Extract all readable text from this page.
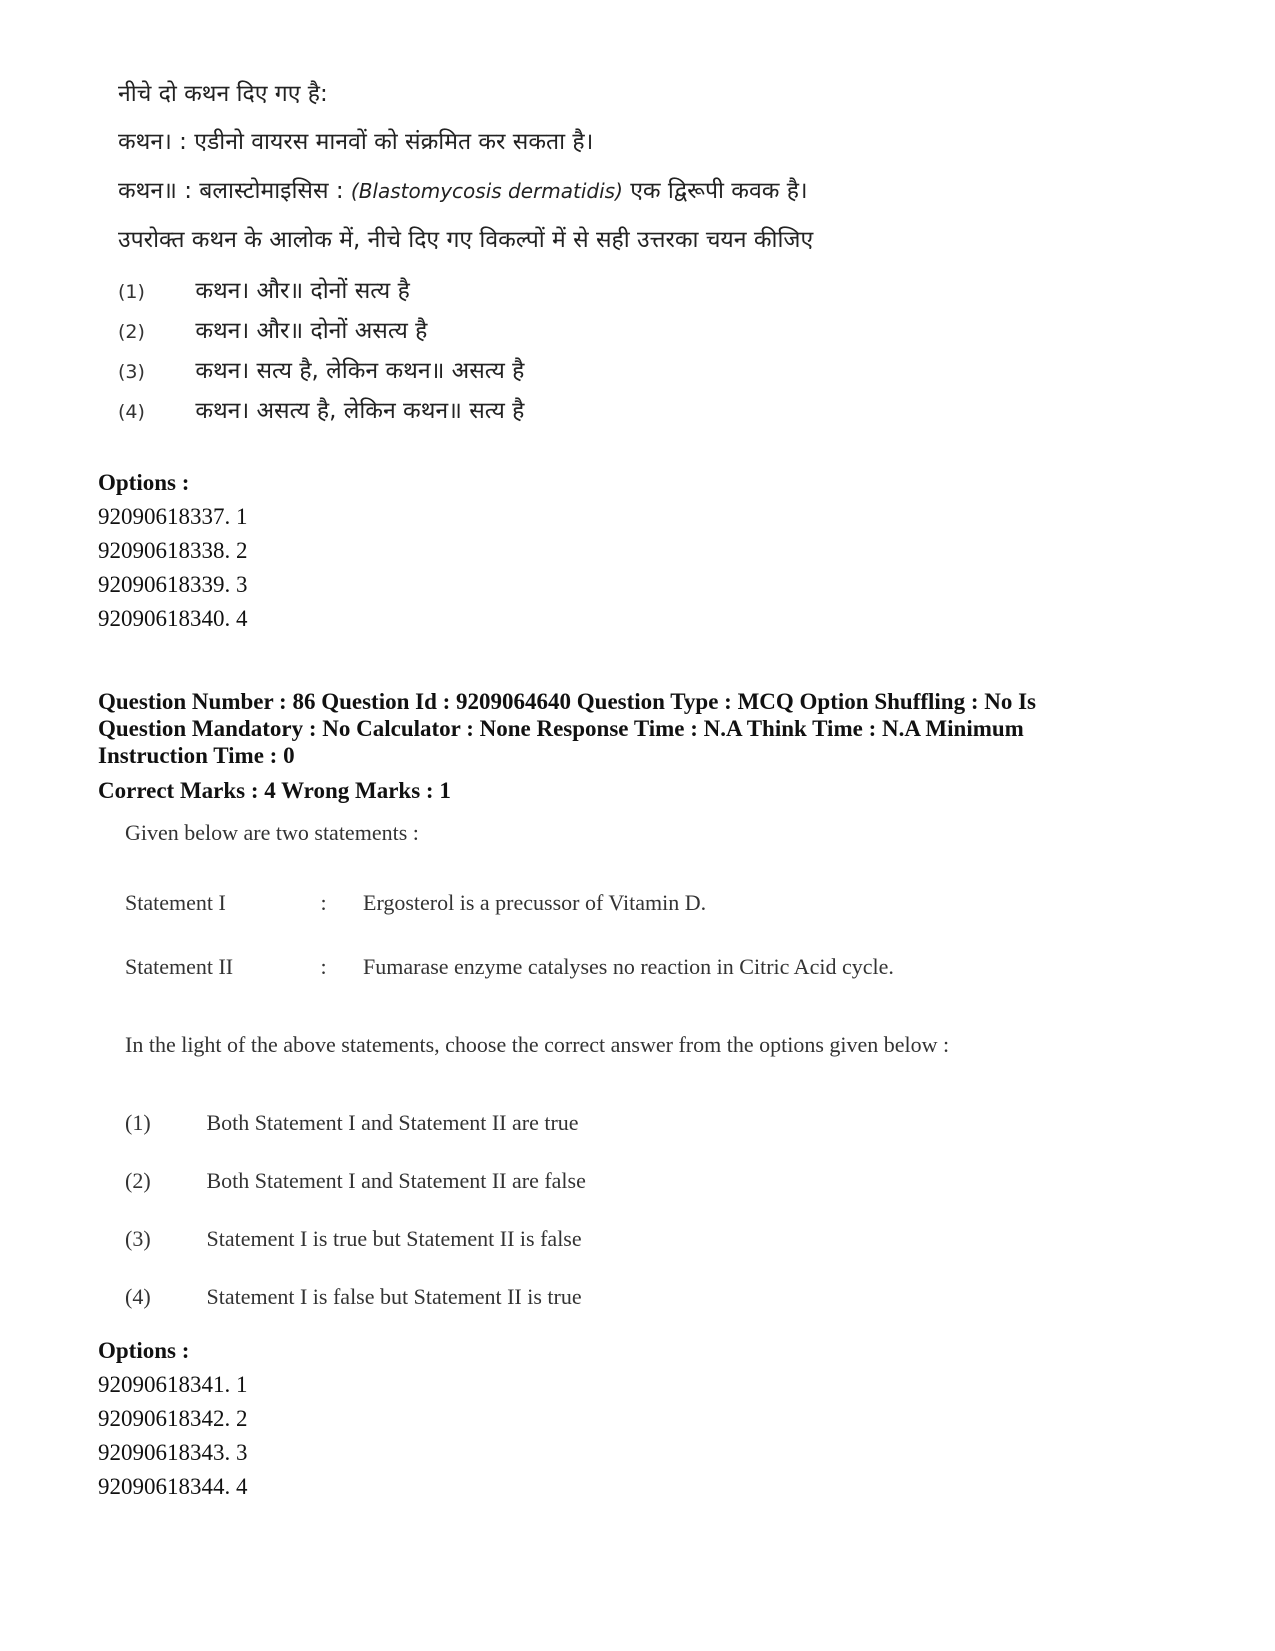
नीचे दो कथन दिए गए है:
कथन। : एडीनो वायरस मानवों को संक्रमित कर सकता है।
कथन॥ : बलास्टोमाइसिस : (Blastomycosis dermatidis) एक द्विरूपी कवक है।
उपरोक्त कथन के आलोक में, नीचे दिए गए विकल्पों में से सही उत्तरका चयन कीजिए
(1) कथन। और॥ दोनों सत्य है
(2) कथन। और॥ दोनों असत्य है
(3) कथन। सत्य है, लेकिन कथन॥ असत्य है
(4) कथन। असत्य है, लेकिन कथन॥ सत्य है
Options :
92090618337. 1
92090618338. 2
92090618339. 3
92090618340. 4
Question Number : 86 Question Id : 9209064640 Question Type : MCQ Option Shuffling : No Is
Question Mandatory : No Calculator : None Response Time : N.A Think Time : N.A Minimum
Instruction Time : 0
Correct Marks : 4 Wrong Marks : 1
Given below are two statements :
Statement I	: Ergosterol is a precussor of Vitamin D.
Statement II	: Fumarase enzyme catalyses no reaction in Citric Acid cycle.
In the light of the above statements, choose the correct answer from the options given below :
(1)	Both Statement I and Statement II are true
(2)	Both Statement I and Statement II are false
(3)	Statement I is true but Statement II is false
(4)	Statement I is false but Statement II is true
Options :
92090618341. 1
92090618342. 2
92090618343. 3
92090618344. 4
